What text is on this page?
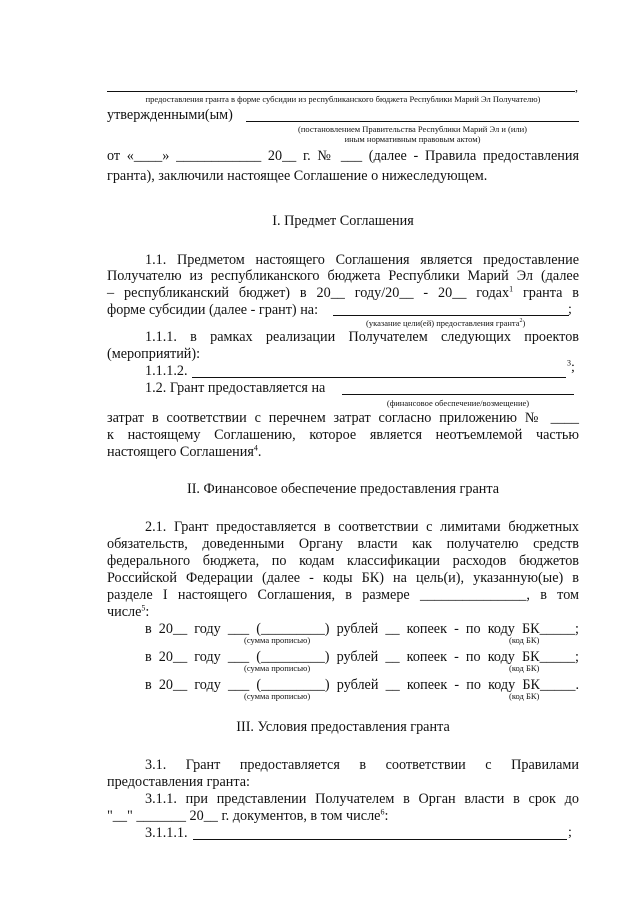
,
предоставления гранта в форме субсидии из республиканского бюджета Республики Марий Эл Получателю)
утвержденными(ым)
(постановлением Правительства Республики Марий Эл и (или)
иным нормативным правовым актом)
от «____» ____________ 20__ г. № ___ (далее - Правила предоставления
гранта), заключили настоящее Соглашение о нижеследующем.
I. Предмет Соглашения
1.1. Предметом настоящего Соглашения является предоставление
Получателю из республиканского бюджета Республики Марий Эл (далее
– республиканский бюджет) в 20__ году/20__ - 20__ годах$^1$ гранта в
форме субсидии (далее - грант) на:	;
(указание цели(ей) предоставления гранта$^2$)
1.1.1. в рамках реализации Получателем следующих проектов
(мероприятий):
1.1.1.2.
$^3$;
1.2. Грант предоставляется на
(финансовое обеспечение/возмещение)
затрат в соответствии с перечнем затрат согласно приложению № ____
к настоящему Соглашению, которое является неотъемлемой частью
настоящего Соглашения$^4$.
II. Финансовое обеспечение предоставления гранта
2.1. Грант предоставляется в соответствии с лимитами бюджетных
обязательств, доведенными Органу власти как получателю средств
федерального бюджета, по кодам классификации расходов бюджетов
Российской Федерации (далее - коды БК) на цель(и), указанную(ые) в
разделе I настоящего Соглашения, в размере _______________, в том
числе$^5$:
в 20__ году ___ (_________) рублей __ копеек - по коду БК_____;
(сумма прописью)	(код БК)
в 20__ году ___ (_________) рублей __ копеек - по коду БК_____;
(сумма прописью)	(код БК)
в 20__ году ___ (_________) рублей __ копеек - по коду БК_____.
(сумма прописью)	(код БК)
III. Условия предоставления гранта
3.1. Грант предоставляется в соответствии с Правилами
предоставления гранта:
3.1.1. при представлении Получателем в Орган власти в срок до
"__" _______ 20__ г. документов, в том числе$^6$:
3.1.1.1.	;
